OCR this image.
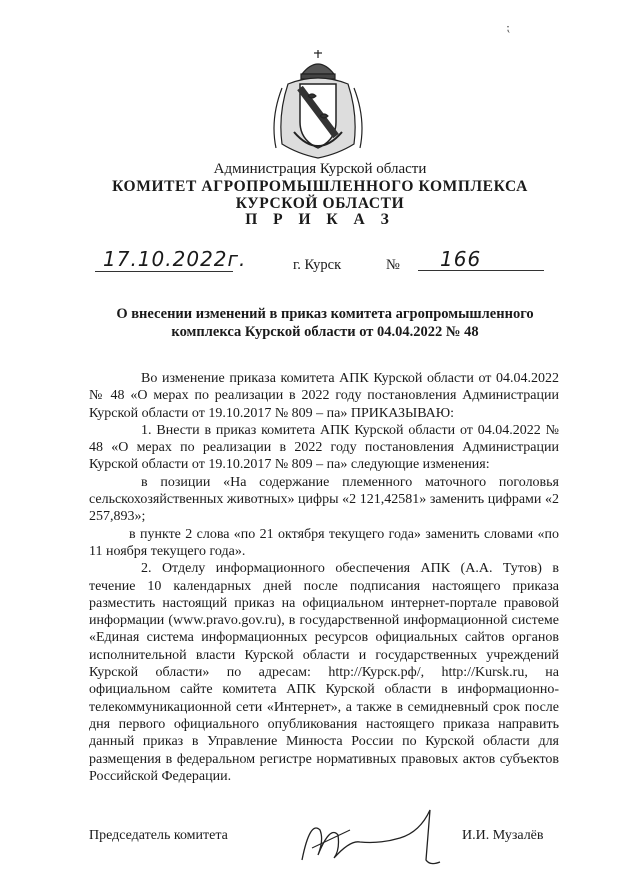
⁏
Администрация Курской области
КОМИТЕТ АГРОПРОМЫШЛЕННОГО КОМПЛЕКСА
КУРСКОЙ ОБЛАСТИ
П Р И К А З
17.10.2022г.	г. Курск	№	166
О внесении изменений в приказ комитета агропромышленного комплекса Курской области от 04.04.2022 № 48

Во изменение приказа комитета АПК Курской области от 04.04.2022 № 48 «О мерах по реализации в 2022 году постановления Администрации Курской области от 19.10.2017 № 809 – па» ПРИКАЗЫВАЮ:

1. Внести в приказ комитета АПК Курской области от 04.04.2022 № 48 «О мерах по реализации в 2022 году постановления Администрации Курской области от 19.10.2017 № 809 – па» следующие изменения:

в позиции «На содержание племенного маточного поголовья сельскохозяйственных животных» цифры «2 121,42581» заменить цифрами «2 257,893»;

в пункте 2 слова «по 21 октября текущего года» заменить словами «по 11 ноября текущего года».

2. Отделу информационного обеспечения АПК (А.А. Тутов) в течение 10 календарных дней после подписания настоящего приказа разместить настоящий приказ на официальном интернет-портале правовой информации (www.pravo.gov.ru), в государственной информационной системе «Единая система информационных ресурсов официальных сайтов органов исполнительной власти Курской области и государственных учреждений Курской области» по адресам: http://Курск.рф/, http://Kursk.ru, на официальном сайте комитета АПК Курской области в информационно-телекоммуникационной сети «Интернет», а также в семидневный срок после дня первого официального опубликования настоящего приказа направить данный приказ в Управление Минюста России по Курской области для размещения в федеральном регистре нормативных правовых актов субъектов Российской Федерации.

Председатель комитета	И.И. Музалёв
